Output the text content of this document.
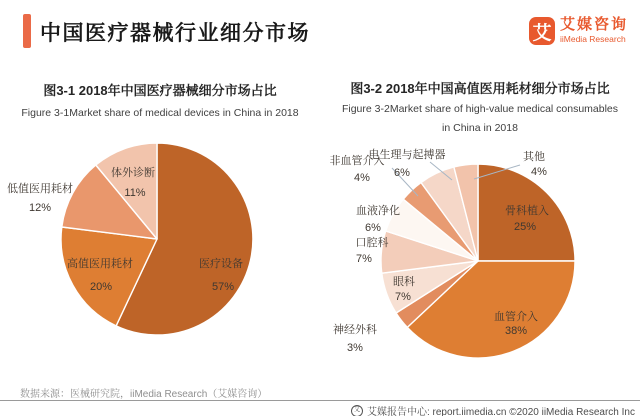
中国医疗器械行业细分市场	艾 艾媒咨询
iiMedia Research
图3-1 2018年中国医疗器械细分市场占比
Figure 3-1Market share of medical devices in China in 2018
图3-2 2018年中国高值医用耗材细分市场占比
Figure 3-2Market share of high-value medical consumables
in China in 2018
医疗设备
57%
高值医用耗材
20%
低值医用耗材
12%
体外诊断
11%
骨科植入
25%
血管介入
38%
神经外科
3%
眼科
7%
口腔科
7%
血液净化
6%
非血管介入
4%
电生理与起搏器
6%
其他
4%
数据来源：医械研究院，iiMedia Research（艾媒咨询）
艾 艾媒报告中心: report.iimedia.cn ©2020 iiMedia Research Inc
